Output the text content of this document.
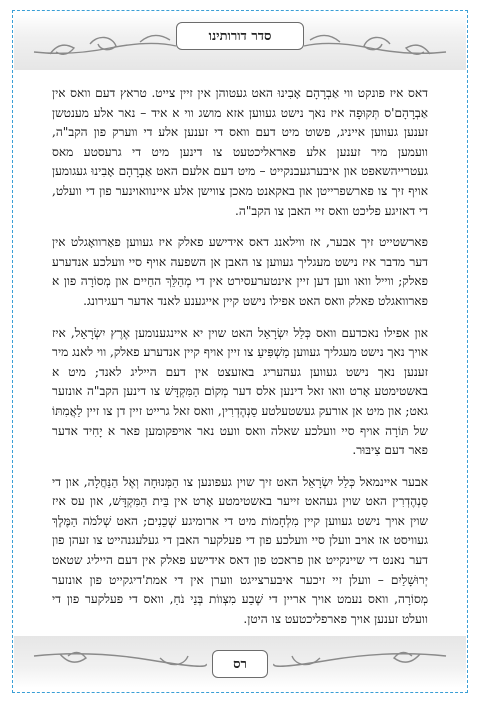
סדר דורותינו

דאס איז פונקט ווי אַבְרָהָם אָבִינוּ האט געטוהן אין זיין צייט. טראץ דעם וואס אין אַבְרָהָם'ס תְּקוּפָה איז נאך נישט געווען אזא מושג ווי א איד – נאר אלע מענטשן זענען געווען אייניג, פשוט מיט דעם וואס די זענען אלע די ווערק פון הקב"ה, וועמען מיר זענען אלע פאראליכטעט צו דינען מיט די גרעסטע מאס געטרייהשאפט און איבערגעבנקייט – מיט דעם אלעם האט אַבְרָהָם אָבִינוּ געגומען אויף זיך צו פארשפרייטן און באקאנט מאכן צווישן אלע איינוואוינער פון די וועלט, די דאזיגע פליכט וואס זיי האבן צו הקב"ה.

פארשטייט זיך אבער, אז ווילאנג דאס אידישע פאלק איז געווען פאַרוואָגלט אין דער מדבר איז נישט מעגליך געווען צו האבן אן השפעה אויף סיי וועלכע אנדערע פאלק; ווייל וואו ווען דען זיין אינטערעסירט אין די מְהַלֵּךְ החַיים און מְסוֹרָה פון א פארוואגלט פאלק וואס האט אפילו נישט קיין אייגענע לאנד אדער רעגירונג.

און אפילו נאכדעם וואס כְּלַל יִשְׂרָאֵל האט שוין יא איינגענומען אֶרֶץ יִשְׂרָאֵל, איז אויך נאך נישט מעגליך געווען מַשְׁפִּיעַ צו זיין אויף קיין אנדערע פאלק, ווי לאנג מיר זענען נאך נישט געווען געהעריג באזעצט אין דעם הייליג לאנד; מיט א באשטימטע אָרט וואו זאל דינען אלס דער מְקוֹם הַמִּקְדָּשׁ צו דינען הקב"ה אונזער גאט; און מיט אן אורעק געשטעלטע סַנְהֶדְרִין, וואס זאל גרייט זיין דן צו זיין לַאֲמִתּוֹ של תּוֹרָה אויף סיי וועלכע שאלה וואס וועט נאר אויפקומען פאר א יָחִיד אדער פאר דעם צִיבּוּר.

אבער איינמאל כְּלַל יִשְׂרָאֵל האט זיך שוין געפונען צו הַמְּנוּחָה וְאֶל הַנַּחֲלָה, און די סַנְהֶדְרִין האט שוין געהאט זייער באשטימטע אָרט אין בֵּית הַמִּקְדָּשׁ, און עס איז שוין אויך נישט געווען קיין מִלְחָמוֹת מיט די ארומיגע שְׁכֵנִים; האט שְׁלֹמֹה הַמֶּלֶךְ געוויסט אז אויב וועלן סיי וועלכע פון די פעלקער האבן די געלעגנהייט צו זעהן פון דער נאנט די שיינקייט און פראכט פון דאס אידישע פאלק אין דעם הייליג שטאט יְרוּשָׁלַיִם – וועלן זיי זיכער איבערצייגט ווערן אין די אמת'דיגקייט פון אונזער מְסוֹרָה, וואס נעמט אויך אריין די שֶׁבַע מִצְווֹת בְּנֵי נֹחַ, וואס די פעלקער פון די וועלט זענען אויך פארפליכטעט צו היטן.

רס
